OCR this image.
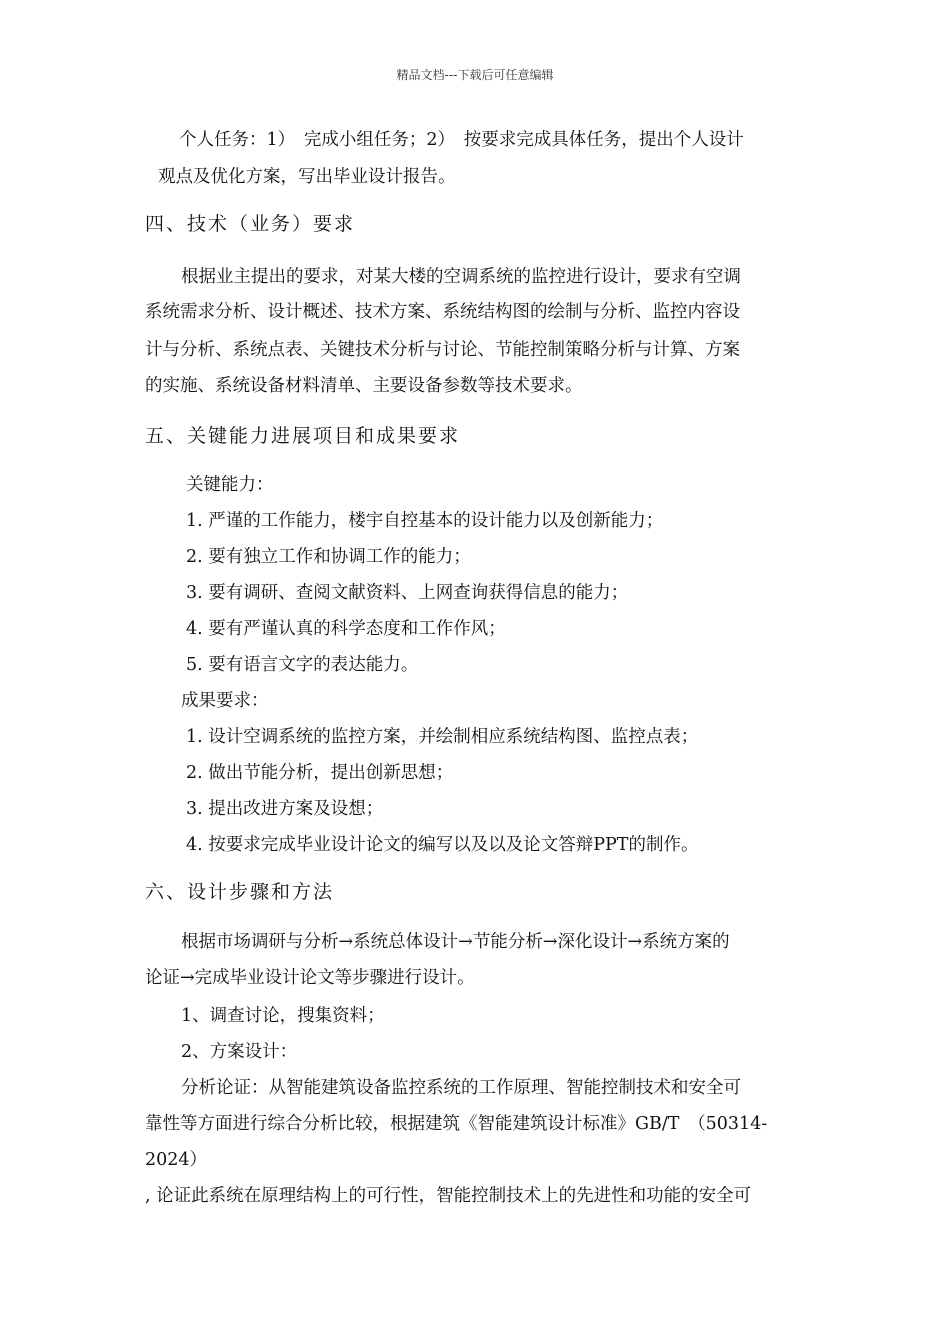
精品文档---下载后可任意编辑
个人任务：1）　完成小组任务；2）　按要求完成具体任务，提出个人设计
观点及优化方案，写出毕业设计报告。
四、技术（业务）要求
根据业主提出的要求，对某大楼的空调系统的监控进行设计，要求有空调
系统需求分析、设计概述、技术方案、系统结构图的绘制与分析、监控内容设
计与分析、系统点表、关键技术分析与讨论、节能控制策略分析与计算、方案
的实施、系统设备材料清单、主要设备参数等技术要求。
五、关键能力进展项目和成果要求
关键能力：
1. 严谨的工作能力，楼宇自控基本的设计能力以及创新能力；
2. 要有独立工作和协调工作的能力；
3. 要有调研、查阅文献资料、上网查询获得信息的能力；
4. 要有严谨认真的科学态度和工作作风；
5. 要有语言文字的表达能力。
成果要求：
1. 设计空调系统的监控方案，并绘制相应系统结构图、监控点表；
2. 做出节能分析，提出创新思想；
3. 提出改进方案及设想；
4. 按要求完成毕业设计论文的编写以及以及论文答辩PPT的制作。
六、设计步骤和方法
根据市场调研与分析→系统总体设计→节能分析→深化设计→系统方案的
论证→完成毕业设计论文等步骤进行设计。
1、调查讨论，搜集资料；
2、方案设计：
分析论证：从智能建筑设备监控系统的工作原理、智能控制技术和安全可
靠性等方面进行综合分析比较，根据建筑《智能建筑设计标准》GB/T　（50314-
2024）
, 论证此系统在原理结构上的可行性，智能控制技术上的先进性和功能的安全可
